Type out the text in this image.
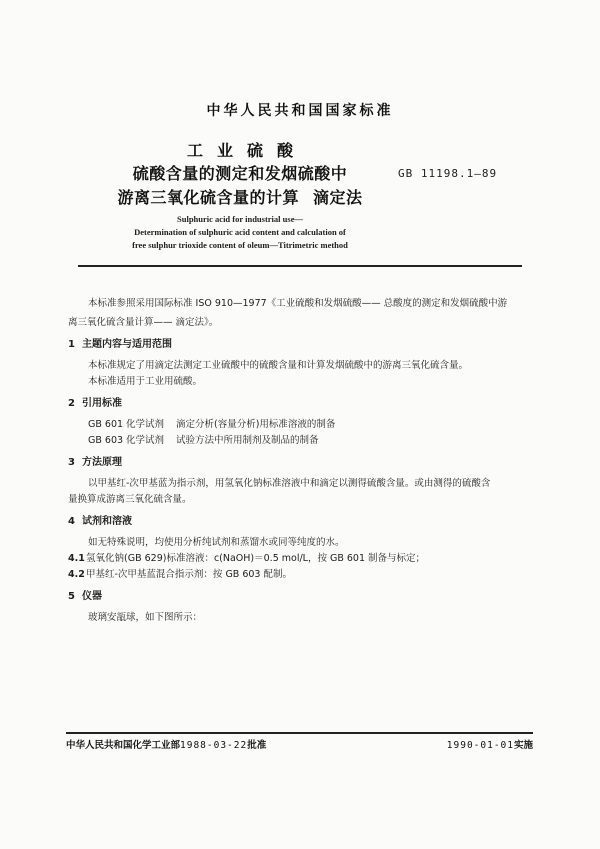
中华人民共和国国家标准
工业硫酸
硫酸含量的测定和发烟硫酸中
游离三氧化硫含量的计算 滴定法
GB 11198.1—89
Sulphuric acid for industrial use—
Determination of sulphuric acid content and calculation of
free sulphur trioxide content of oleum—Titrimetric method
本标准参照采用国际标准 ISO 910—1977《工业硫酸和发烟硫酸—— 总酸度的测定和发烟硫酸中游
离三氧化硫含量计算—— 滴定法》。
1 主题内容与适用范围
本标准规定了用滴定法测定工业硫酸中的硫酸含量和计算发烟硫酸中的游离三氧化硫含量。
本标准适用于工业用硫酸。
2 引用标准
GB 601 化学试剂 滴定分析(容量分析)用标准溶液的制备
GB 603 化学试剂 试验方法中所用制剂及制品的制备
3 方法原理
以甲基红-次甲基蓝为指示剂，用氢氧化钠标准溶液中和滴定以测得硫酸含量。或由测得的硫酸含
量换算成游离三氧化硫含量。
4 试剂和溶液
如无特殊说明，均使用分析纯试剂和蒸馏水或同等纯度的水。
4.1氢氧化钠(GB 629)标准溶液：c(NaOH)＝0.5 mol/L，按 GB 601 制备与标定；
4.2甲基红-次甲基蓝混合指示剂：按 GB 603 配制。
5 仪器
玻璃安瓿球，如下图所示：
中华人民共和国化学工业部1988-03-22批准	1990-01-01实施
